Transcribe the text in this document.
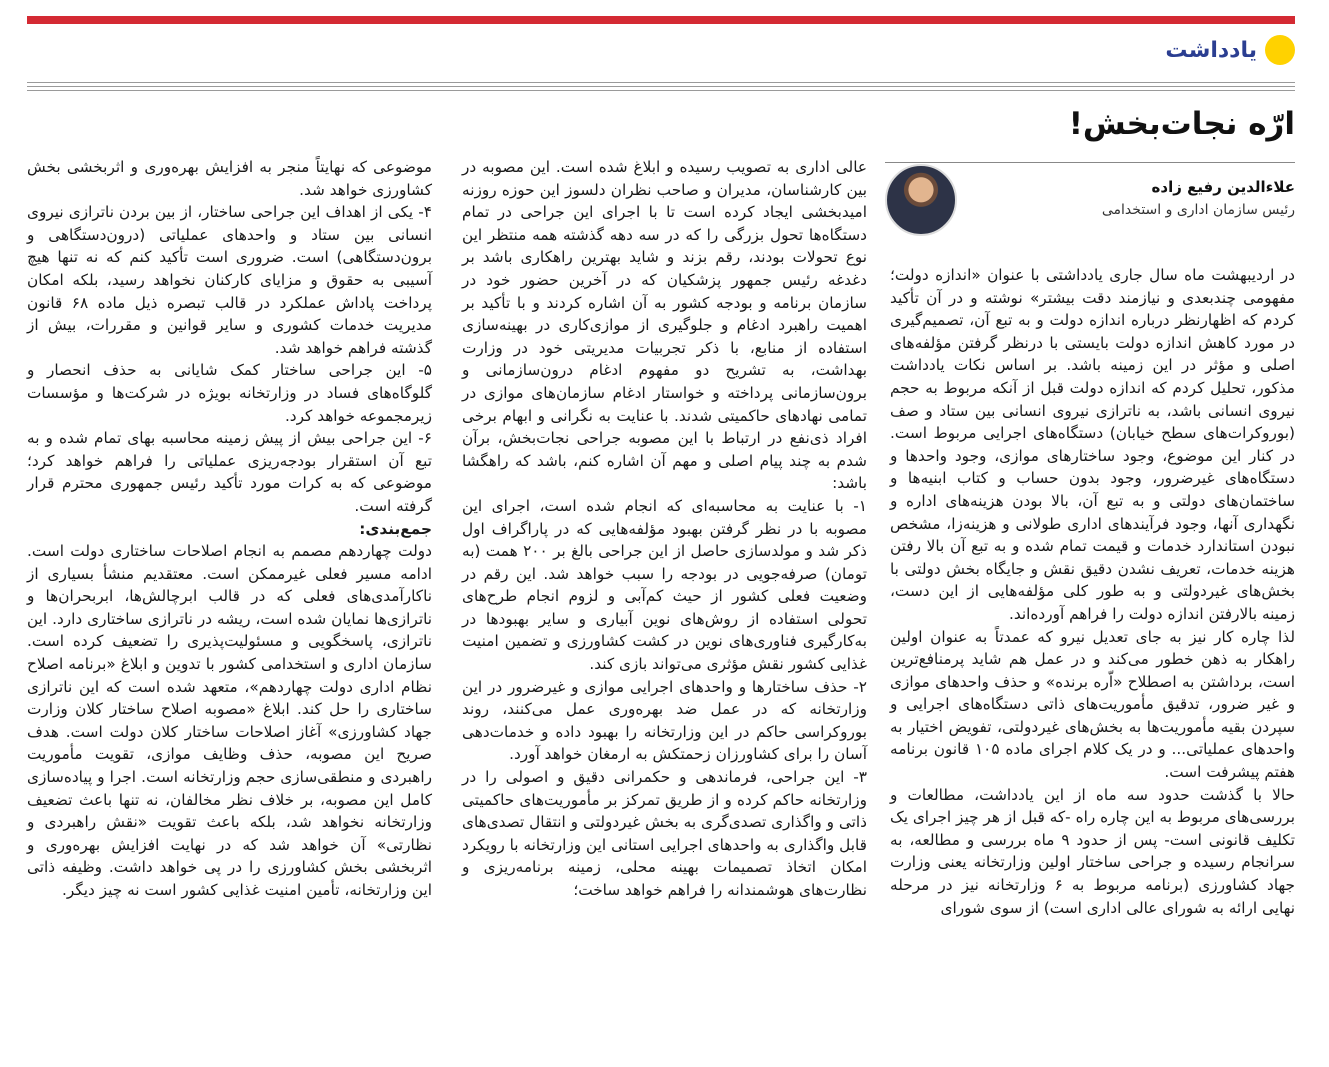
یادداشت
ارّه نجات‌بخش!
علاءالدین رفیع زاده
رئیس سازمان اداری و استخدامی

در اردیبهشت ماه سال جاری یادداشتی با عنوان «اندازه دولت؛ مفهومی چندبعدی و نیازمند دقت بیشتر» نوشته و در آن تأکید کردم که اظهارنظر درباره اندازه دولت و به تبع آن، تصمیم‌گیری در مورد کاهش اندازه دولت بایستی با درنظر گرفتن مؤلفه‌های اصلی و مؤثر در این زمینه باشد. بر اساس نکات یادداشت مذکور، تحلیل کردم که اندازه دولت قبل از آنکه مربوط به حجم نیروی انسانی باشد، به ناترازی نیروی انسانی بین ستاد و صف (بوروکرات‌های سطح خیابان) دستگاه‌های اجرایی مربوط است. در کنار این موضوع، وجود ساختارهای موازی، وجود واحدها و دستگاه‌های غیرضرور، وجود بدون حساب و کتاب ابنیه‌ها و ساختمان‌های دولتی و به تبع آن، بالا بودن هزینه‌های اداره و نگهداری آنها، وجود فرآیندهای اداری طولانی و هزینه‌زا، مشخص نبودن استاندارد خدمات و قیمت تمام شده و به تبع آن بالا رفتن هزینه خدمات، تعریف نشدن دقیق نقش و جایگاه بخش دولتی با بخش‌های غیردولتی و به طور کلی مؤلفه‌هایی از این دست، زمینه بالارفتن اندازه دولت را فراهم آورده‌اند.

لذا چاره کار نیز به جای تعدیل نیرو که عمدتاً به عنوان اولین راهکار به ذهن خطور می‌کند و در عمل هم شاید پرمنافع‌ترین است، برداشتن به اصطلاح «اّره برنده» و حذف واحدهای موازی و غیر ضرور، تدقیق مأموریت‌های ذاتی دستگاه‌های اجرایی و سپردن بقیه مأموریت‌ها به بخش‌های غیردولتی، تفویض اختیار به واحدهای عملیاتی... و در یک کلام اجرای ماده ۱۰۵ قانون برنامه هفتم پیشرفت است.

حالا با گذشت حدود سه ماه از این یادداشت، مطالعات و بررسی‌های مربوط به این چاره راه -که قبل از هر چیز اجرای یک تکلیف قانونی است- پس از حدود ۹ ماه بررسی و مطالعه، به سرانجام رسیده و جراحی ساختار اولین وزارتخانه یعنی وزارت جهاد کشاورزی (برنامه مربوط به ۶ وزارتخانه نیز در مرحله نهایی ارائه به شورای عالی اداری است) از سوی شورای

عالی اداری به تصویب رسیده و ابلاغ شده است. این مصوبه در بین کارشناسان، مدیران و صاحب نظران دلسوز این حوزه روزنه امیدبخشی ایجاد کرده است تا با اجرای این جراحی در تمام دستگاه‌ها تحول بزرگی را که در سه دهه گذشته همه منتظر این نوع تحولات بودند، رقم بزند و شاید بهترین راهکاری باشد بر دغدغه رئیس جمهور پزشکیان که در آخرین حضور خود در سازمان برنامه و بودجه کشور به آن اشاره کردند و با تأکید بر اهمیت راهبرد ادغام و جلوگیری از موازی‌کاری در بهینه‌سازی استفاده از منابع، با ذکر تجربیات مدیریتی خود در وزارت بهداشت، به تشریح دو مفهوم ادغام درون‌سازمانی و برون‌سازمانی پرداخته و خواستار ادغام سازمان‌های موازی در تمامی نهادهای حاکمیتی شدند. با عنایت به نگرانی و ابهام برخی افراد ذی‌نفع در ارتباط با این مصوبه جراحی نجات‌بخش، برآن شدم به چند پیام اصلی و مهم آن اشاره کنم، باشد که راهگشا باشد:

۱- با عنایت به محاسبه‌ای که انجام شده است، اجرای این مصوبه با در نظر گرفتن بهبود مؤلفه‌هایی که در پاراگراف اول ذکر شد و مولدسازی حاصل از این جراحی بالغ بر ۲۰۰ همت (به تومان) صرفه‌جویی در بودجه را سبب خواهد شد. این رقم در وضعیت فعلی کشور از حیث کم‌آبی و لزوم انجام طرح‌های تحولی استفاده از روش‌های نوین آبیاری و سایر بهبودها در به‌کارگیری فناوری‌های نوین در کشت کشاورزی و تضمین امنیت غذایی کشور نقش مؤثری می‌تواند بازی کند.

۲- حذف ساختارها و واحدهای اجرایی موازی و غیرضرور در این وزارتخانه که در عمل ضد بهره‌وری عمل می‌کنند، روند بوروکراسی حاکم در این وزارتخانه را بهبود داده و خدمات‌دهی آسان را برای کشاورزان زحمتکش به ارمغان خواهد آورد.

۳- این جراحی، فرماندهی و حکمرانی دقیق و اصولی را در وزارتخانه حاکم کرده و از طریق تمرکز بر مأموریت‌های حاکمیتی ذاتی و واگذاری تصدی‌گری به بخش غیردولتی و انتقال تصدی‌های قابل واگذاری به واحدهای اجرایی استانی این وزارتخانه با رویکرد امکان اتخاذ تصمیمات بهینه محلی، زمینه برنامه‌ریزی و نظارت‌های هوشمندانه را فراهم خواهد ساخت؛

موضوعی که نهایتاً منجر به افزایش بهره‌وری و اثربخشی بخش کشاورزی خواهد شد.

۴- یکی از اهداف این جراحی ساختار، از بین بردن ناترازی نیروی انسانی بین ستاد و واحدهای عملیاتی (درون‌دستگاهی و برون‌دستگاهی) است. ضروری است تأکید کنم که نه تنها هیچ آسیبی به حقوق و مزایای کارکنان نخواهد رسید، بلکه امکان پرداخت پاداش عملکرد در قالب تبصره ذیل ماده ۶۸ قانون مدیریت خدمات کشوری و سایر قوانین و مقررات، بیش از گذشته فراهم خواهد شد.

۵- این جراحی ساختار کمک شایانی به حذف انحصار و گلوگاه‌های فساد در وزارتخانه بویژه در شرکت‌ها و مؤسسات زیرمجموعه خواهد کرد.

۶- این جراحی بیش از پیش زمینه محاسبه بهای تمام شده و به تبع آن استقرار بودجه‌ریزی عملیاتی را فراهم خواهد کرد؛ موضوعی که به کرات مورد تأکید رئیس جمهوری محترم قرار گرفته است.

جمع‌بندی:

دولت چهاردهم مصمم به انجام اصلاحات ساختاری دولت است. ادامه مسیر فعلی غیرممکن است. معتقدیم منشأ بسیاری از ناکارآمدی‌های فعلی که در قالب ابرچالش‌ها، ابربحران‌ها و ناترازی‌ها نمایان شده است، ریشه در ناترازی ساختاری دارد. این ناترازی، پاسخگویی و مسئولیت‌پذیری را تضعیف کرده است. سازمان اداری و استخدامی کشور با تدوین و ابلاغ «برنامه اصلاح نظام اداری دولت چهاردهم»، متعهد شده است که این ناترازی ساختاری را حل کند. ابلاغ «مصوبه اصلاح ساختار کلان وزارت جهاد کشاورزی» آغاز اصلاحات ساختار کلان دولت است. هدف صریح این مصوبه، حذف وظایف موازی، تقویت مأموریت راهبردی و منطقی‌سازی حجم وزارتخانه است. اجرا و پیاده‌سازی کامل این مصوبه، بر خلاف نظر مخالفان، نه تنها باعث تضعیف وزارتخانه نخواهد شد، بلکه باعث تقویت «نقش راهبردی و نظارتی» آن خواهد شد که در نهایت افزایش بهره‌وری و اثربخشی بخش کشاورزی را در پی خواهد داشت. وظیفه ذاتی این وزارتخانه، تأمین امنیت غذایی کشور است نه چیز دیگر.
